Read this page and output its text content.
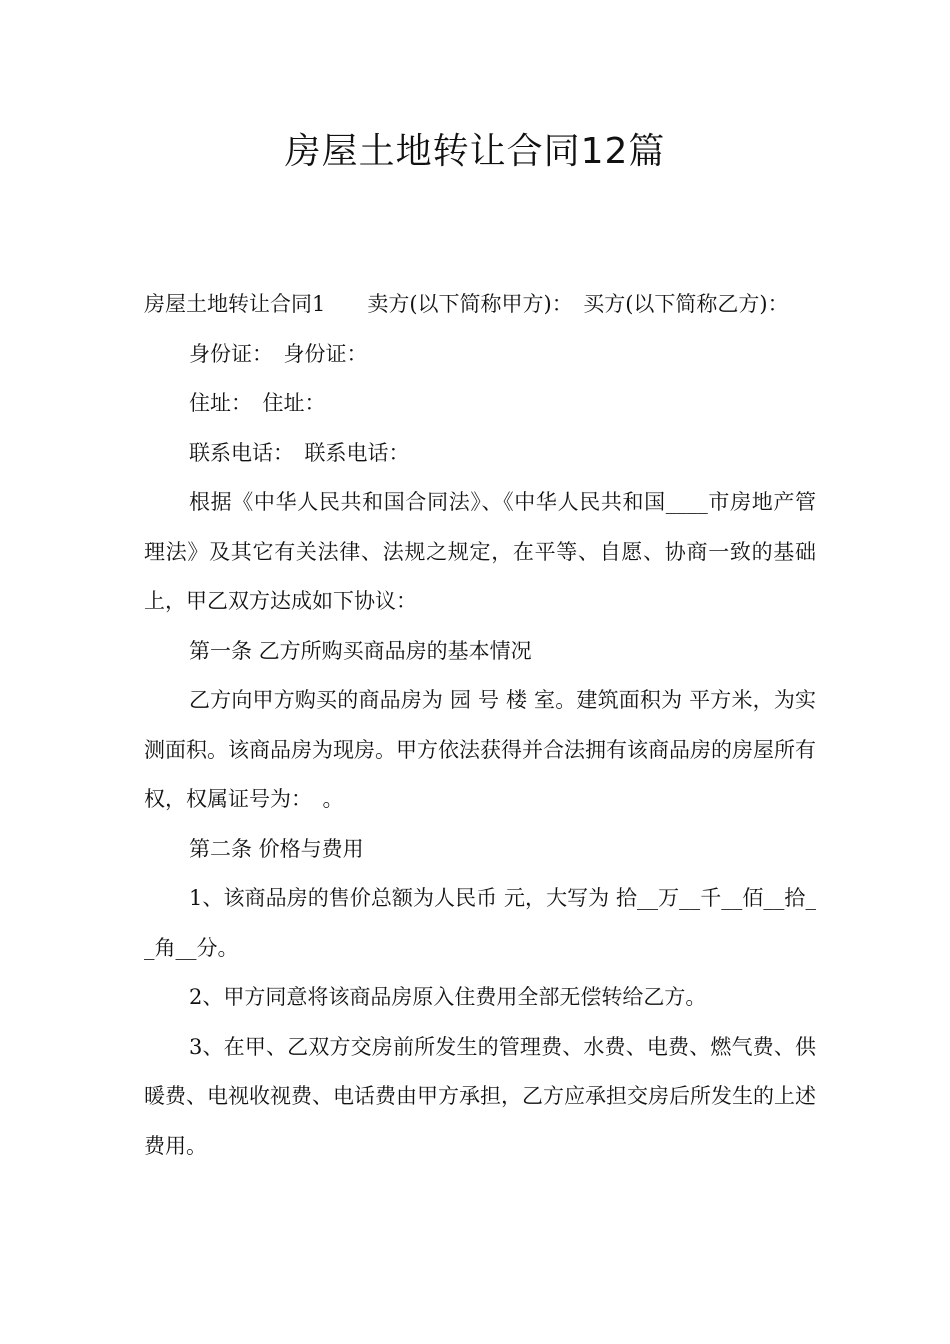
房屋土地转让合同12篇

房屋土地转让合同1　　卖方(以下简称甲方)：　买方(以下简称乙方)：

身份证：　身份证：

住址：　住址：

联系电话：　联系电话：

根据《中华人民共和国合同法》、《中华人民共和国____市房地产管理法》及其它有关法律、法规之规定，在平等、自愿、协商一致的基础上，甲乙双方达成如下协议：

第一条 乙方所购买商品房的基本情况

乙方向甲方购买的商品房为 园 号 楼 室。建筑面积为 平方米，为实测面积。该商品房为现房。甲方依法获得并合法拥有该商品房的房屋所有权，权属证号为：　。

第二条 价格与费用

1、该商品房的售价总额为人民币 元，大写为 拾__万__千__佰__拾__角__分。

2、甲方同意将该商品房原入住费用全部无偿转给乙方。

3、在甲、乙双方交房前所发生的管理费、水费、电费、燃气费、供暖费、电视收视费、电话费由甲方承担，乙方应承担交房后所发生的上述费用。
